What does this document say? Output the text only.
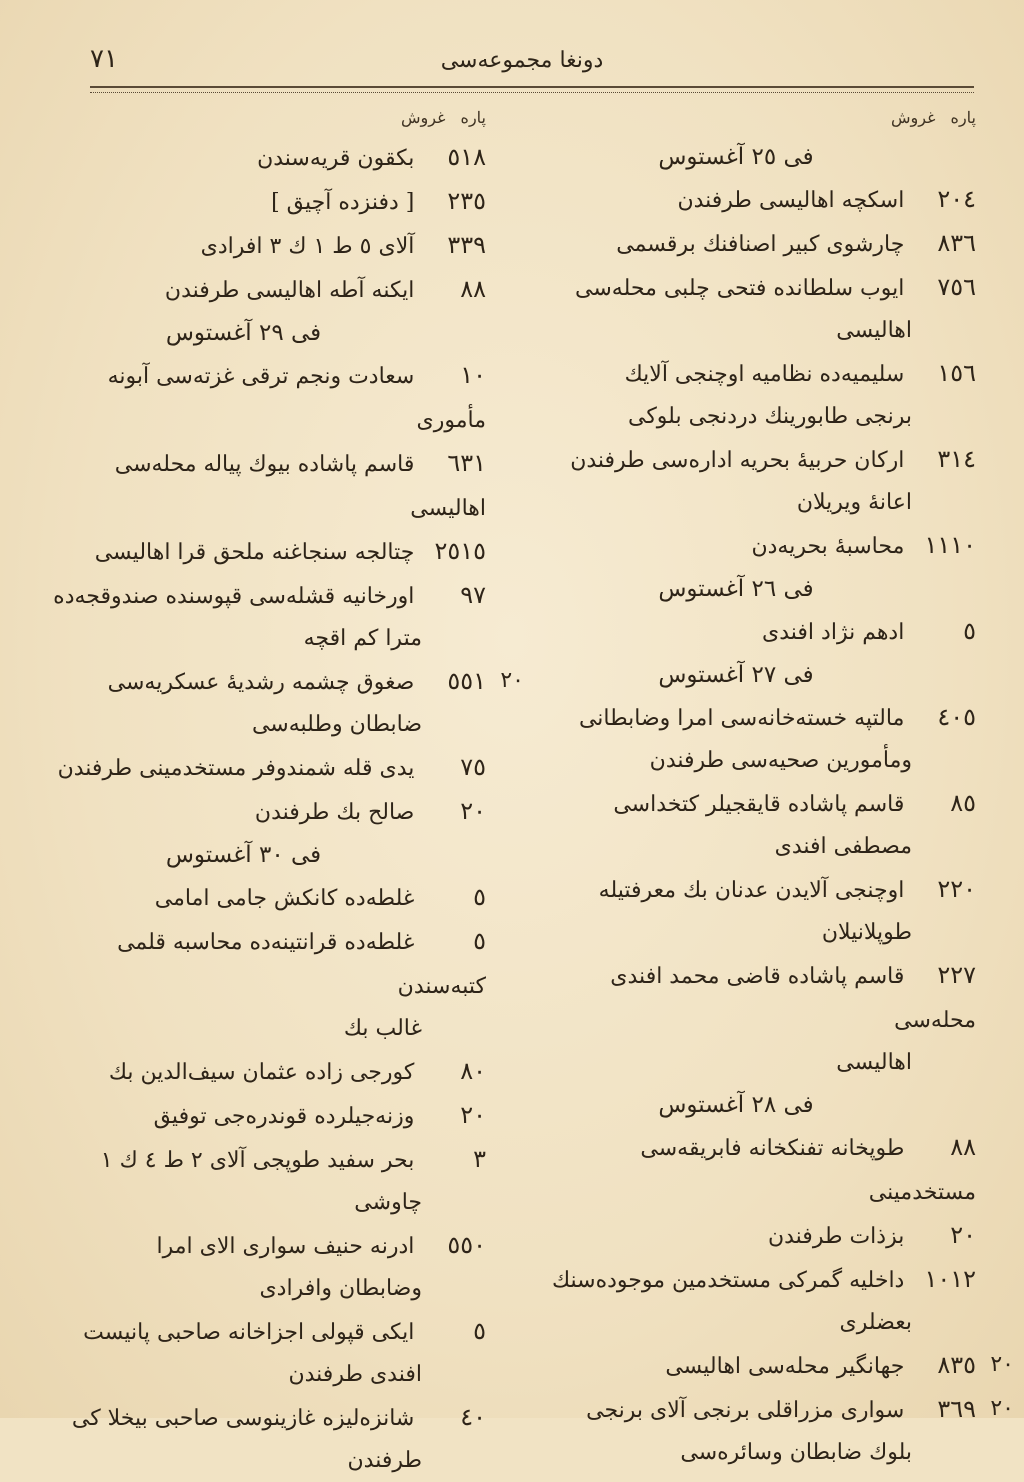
دونغا مجموعه‌سی
٧١
پاره غروش
فی ٢٥ آغستوس
٢٠٤ اسکچه اهالیسی طرفندن
٨٣٦ چارشوی کبیر اصنافنك برقسمی
٧٥٦ ایوب سلطانده فتحی چلبی محله‌سی
اهالیسی
١٥٦ سلیمیه‌ده نظامیه اوچنجی آلایك
برنجی طابورینك دردنجی بلوکی
٣١٤ ارکان حربیهٔ بحریه اداره‌سی طرفندن
اعانهٔ ویریلان
١١١٠ محاسبهٔ بحریه‌دن
فی ٢٦ آغستوس
٥ ادهم نژاد افندی
فی ٢٧ آغستوس
٤٠٥ مالتپه خسته‌خانه‌سی امرا وضابطانی
ومأمورین صحیه‌سی طرفندن
٨٥ قاسم پاشاده قایقجیلر کتخداسی
مصطفی افندی
٢٢٠ اوچنجی آلایدن عدنان بك معرفتیله
طوپلانیلان
٢٢٧ قاسم پاشاده قاضی محمد افندی محله‌سی
اهالیسی
فی ٢٨ آغستوس
٨٨ طوپخانه تفنکخانه فابریقه‌سی مستخدمینی
٢٠ بزذات طرفندن
١٠١٢ داخلیه گمرکی مستخدمین موجوده‌سنك
بعضلری
٢٠
٨٣٥ جهانگیر محله‌سی اهالیسی
٢٠
٣٦٩ سواری مزراقلی برنجی آلای برنجی
بلوك ضابطان وسائره‌سی
پاره غروش
٥١٨ بکقون قریه‌سندن
٢٣٥ [ دفنزده آچیق ]
٣٣٩ آلای ٥ ط ١ ك ٣ افرادی
٨٨ ایکنه آطه اهالیسی طرفندن
فی ٢٩ آغستوس
١٠ سعادت ونجم ترقی غزته‌سی آبونه مأموری
٦٣١ قاسم پاشاده بیوك پیاله محله‌سی اهالیسی
٢٥١٥ چتالجه سنجاغنه ملحق قرا اهالیسی
٩٧ اورخانیه قشله‌سی قپوسنده صندوقجه‌ده
مترا کم اقچه
٢٠
٥٥١ صغوق چشمه رشدیهٔ عسکریه‌سی
ضابطان وطلبه‌سی
٧٥ یدی قله شمندوفر مستخدمینی طرفندن
٢٠ صالح بك طرفندن
فی ٣٠ آغستوس
٥ غلطه‌ده کانکش جامی امامی
٥ غلطه‌ده قرانتینه‌ده محاسبه قلمی کتبه‌سندن
غالب بك
٨٠ کورجی زاده عثمان سیف‌الدین بك
٢٠ وزنه‌جیلرده قوندره‌جی توفیق
٣ بحر سفید طوپجی آلای ٢ ط ٤ ك ١
چاوشی
٥٥٠ ادرنه حنیف سواری الای امرا
وضابطان وافرادی
٥ ایکی قپولی اجزاخانه صاحبی پانیست
افندی طرفندن
٤٠ شانزه‌لیزه غازینوسی صاحبی بیخلا کی
طرفندن
